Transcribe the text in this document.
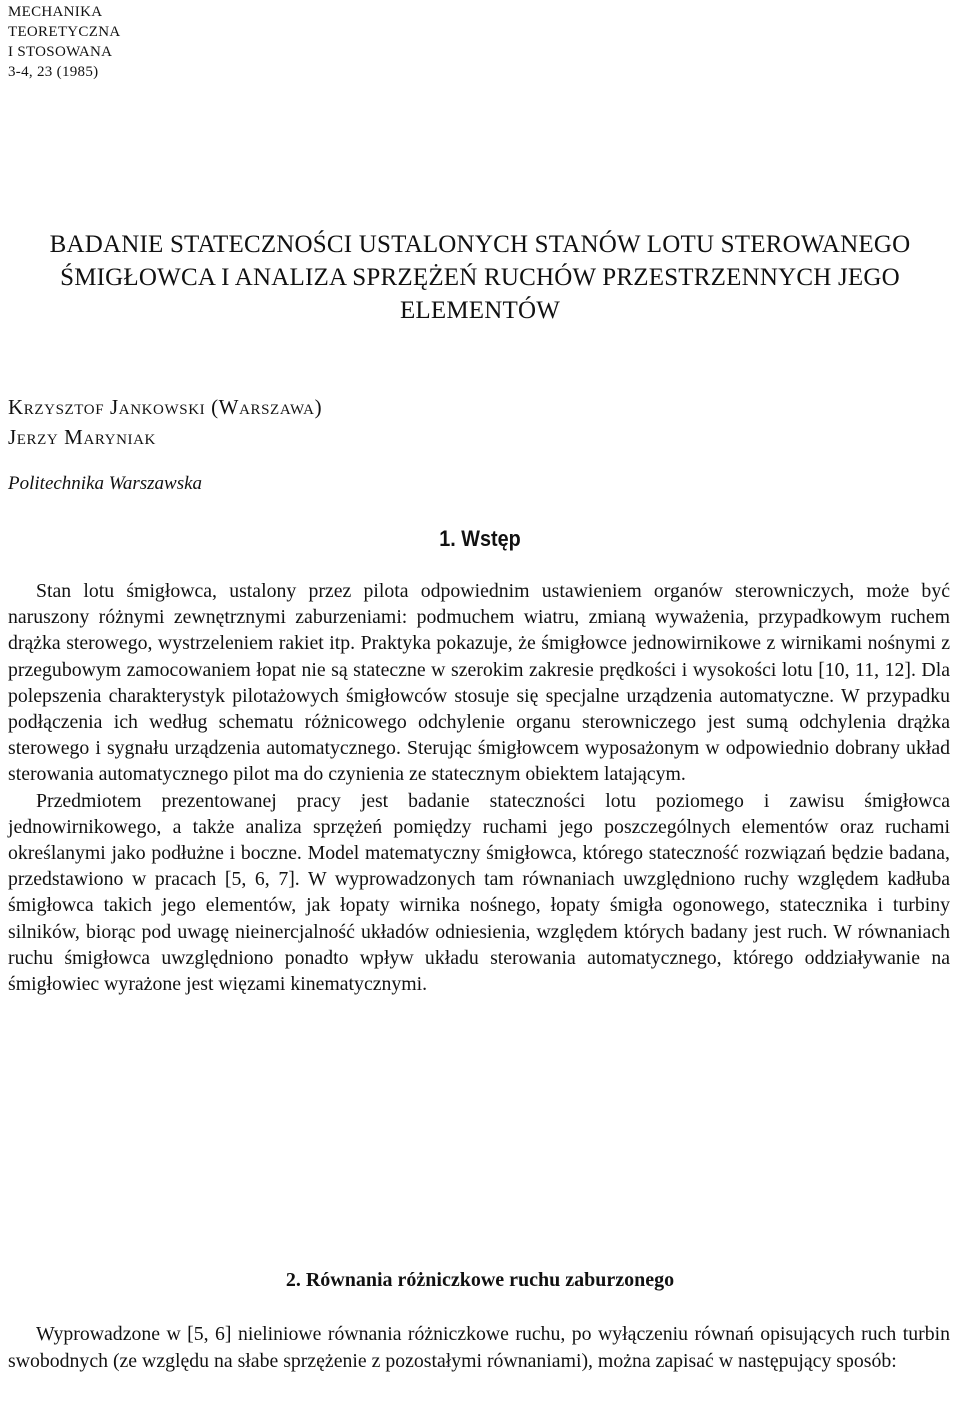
MECHANIKA
TEORETYCZNA
I STOSOWANA
3-4, 23 (1985)
BADANIE STATECZNOŚCI USTALONYCH STANÓW LOTU STEROWANEGO
ŚMIGŁOWCA I ANALIZA SPRZĘŻEŃ RUCHÓW PRZESTRZENNYCH JEGO
ELEMENTÓW
Krzysztof Jankowski (Warszawa)
Jerzy Maryniak
Politechnika Warszawska
1. Wstęp

Stan lotu śmigłowca, ustalony przez pilota odpowiednim ustawieniem organów sterowniczych, może być naruszony różnymi zewnętrznymi zaburzeniami: podmuchem wiatru, zmianą wyważenia, przypadkowym ruchem drążka sterowego, wystrzeleniem rakiet itp. Praktyka pokazuje, że śmigłowce jednowirnikowe z wirnikami nośnymi z przegubowym zamocowaniem łopat nie są stateczne w szerokim zakresie prędkości i wysokości lotu [10, 11, 12]. Dla polepszenia charakterystyk pilotażowych śmigłowców stosuje się specjalne urządzenia automatyczne. W przypadku podłączenia ich według schematu różnicowego odchylenie organu sterowniczego jest sumą odchylenia drążka sterowego i sygnału urządzenia automatycznego. Sterując śmigłowcem wyposażonym w odpowiednio dobrany układ sterowania automatycznego pilot ma do czynienia ze statecznym obiektem latającym.

Przedmiotem prezentowanej pracy jest badanie stateczności lotu poziomego i zawisu śmigłowca jednowirnikowego, a także analiza sprzężeń pomiędzy ruchami jego poszczególnych elementów oraz ruchami określanymi jako podłużne i boczne. Model matematyczny śmigłowca, którego stateczność rozwiązań będzie badana, przedstawiono w pracach [5, 6, 7]. W wyprowadzonych tam równaniach uwzględniono ruchy względem kadłuba śmigłowca takich jego elementów, jak łopaty wirnika nośnego, łopaty śmigła ogonowego, statecznika i turbiny silników, biorąc pod uwagę nieinercjalność układów odniesienia, względem których badany jest ruch. W równaniach ruchu śmigłowca uwzględniono ponadto wpływ układu sterowania automatycznego, którego oddziaływanie na śmigłowiec wyrażone jest więzami kinematycznymi.

2. Równania różniczkowe ruchu zaburzonego

Wyprowadzone w [5, 6] nieliniowe równania różniczkowe ruchu, po wyłączeniu równań opisujących ruch turbin swobodnych (ze względu na słabe sprzężenie z pozostałymi równaniami), można zapisać w następujący sposób:
